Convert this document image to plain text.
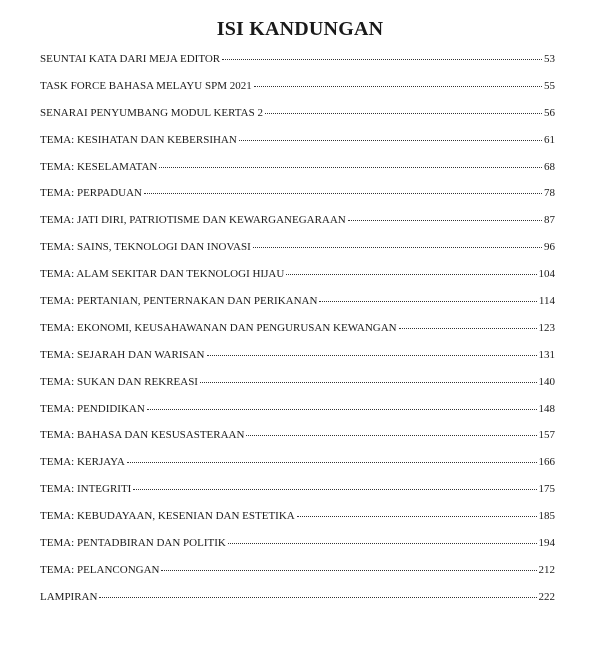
ISI KANDUNGAN
SEUNTAI KATA DARI MEJA EDITOR	53
TASK FORCE BAHASA MELAYU SPM 2021	55
SENARAI PENYUMBANG MODUL KERTAS 2	56
TEMA: KESIHATAN DAN KEBERSIHAN	61
TEMA: KESELAMATAN	68
TEMA: PERPADUAN	78
TEMA: JATI DIRI, PATRIOTISME DAN KEWARGANEGARAAN	87
TEMA: SAINS, TEKNOLOGI DAN INOVASI	96
TEMA: ALAM SEKITAR DAN TEKNOLOGI HIJAU	104
TEMA: PERTANIAN, PENTERNAKAN DAN PERIKANAN	114
TEMA: EKONOMI, KEUSAHAWANAN DAN PENGURUSAN KEWANGAN	123
TEMA: SEJARAH DAN WARISAN	131
TEMA: SUKAN DAN REKREASI	140
TEMA: PENDIDIKAN	148
TEMA: BAHASA DAN KESUSASTERAAN	157
TEMA: KERJAYA	166
TEMA: INTEGRITI	175
TEMA: KEBUDAYAAN, KESENIAN DAN ESTETIKA	185
TEMA: PENTADBIRAN DAN POLITIK	194
TEMA: PELANCONGAN	212
LAMPIRAN	222
